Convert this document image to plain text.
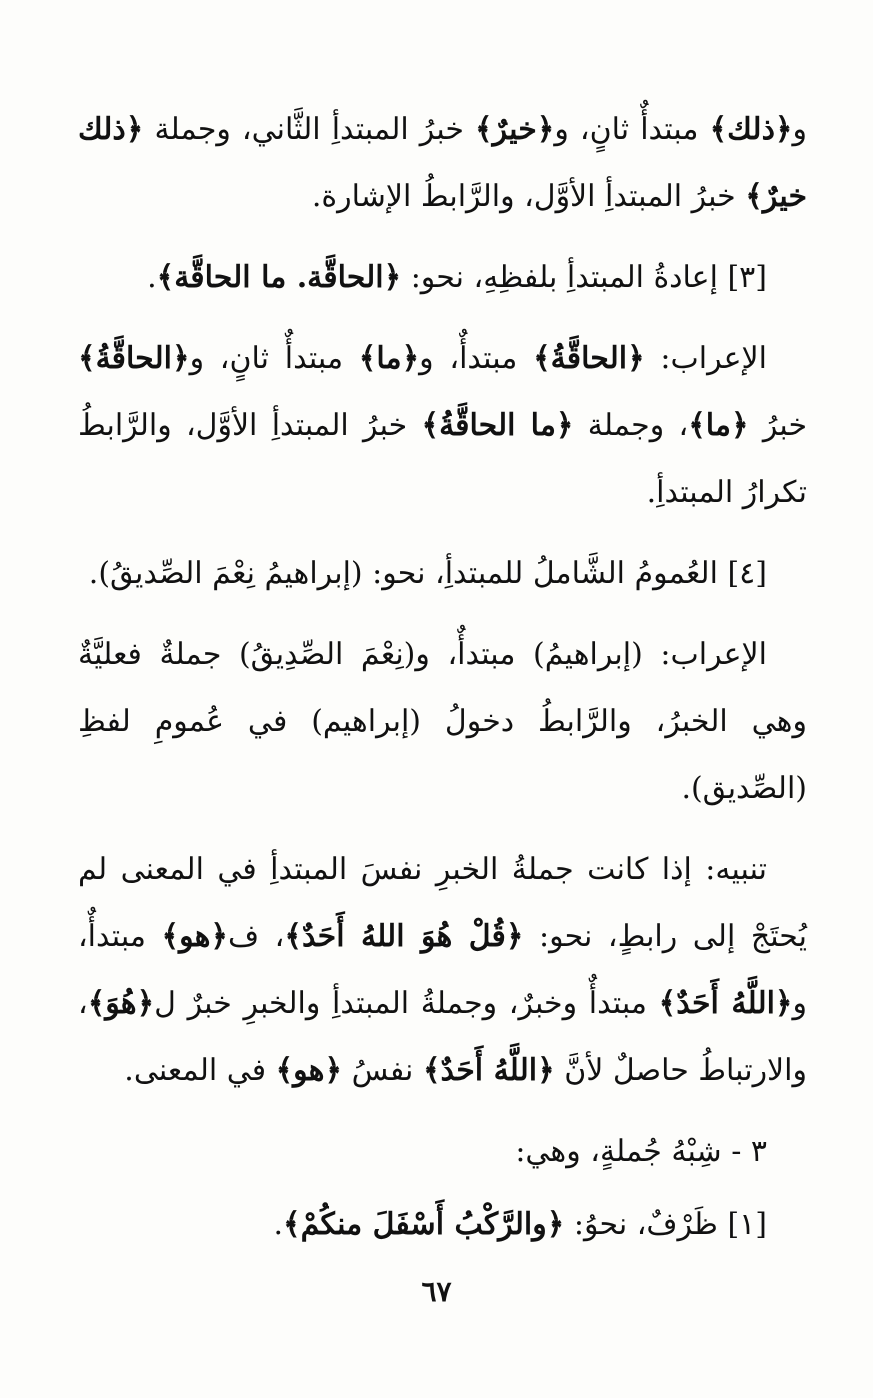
و﴿ذلك﴾ مبتدأٌ ثانٍ، و﴿خيرٌ﴾ خبرُ المبتدأِ الثَّاني، وجملة ﴿ذلك خيرٌ﴾ خبرُ المبتدأِ الأوَّل، والرَّابطُ الإشارة.

[٣] إعادةُ المبتدأِ بلفظِهِ، نحو: ﴿الحاقَّة. ما الحاقَّة﴾.

الإعراب: ﴿الحاقَّةُ﴾ مبتدأٌ، و﴿ما﴾ مبتدأٌ ثانٍ، و﴿الحاقَّةُ﴾ خبرُ ﴿ما﴾، وجملة ﴿ما الحاقَّةُ﴾ خبرُ المبتدأِ الأوَّل، والرَّابطُ تكرارُ المبتدأِ.

[٤] العُمومُ الشَّاملُ للمبتدأِ، نحو: (إبراهيمُ نِعْمَ الصِّديقُ).

الإعراب: (إبراهيمُ) مبتدأٌ، و(نِعْمَ الصِّدِيقُ) جملةٌ فعليَّةٌ وهي الخبرُ، والرَّابطُ دخولُ (إبراهيم) في عُمومِ لفظِ (الصِّديق).

تنبيه: إذا كانت جملةُ الخبرِ نفسَ المبتدأِ في المعنى لم يُحتَجْ إلى رابطٍ، نحو: ﴿قُلْ هُوَ اللهُ أَحَدٌ﴾، ف﴿هو﴾ مبتدأٌ، و﴿اللَّهُ أَحَدٌ﴾ مبتدأٌ وخبرٌ، وجملةُ المبتدأِ والخبرِ خبرٌ ل﴿هُوَ﴾، والارتباطُ حاصلٌ لأنَّ ﴿اللَّهُ أَحَدٌ﴾ نفسُ ﴿هو﴾ في المعنى.

٣ - شِبْهُ جُملةٍ، وهي:

[١] ظَرْفٌ، نحوُ: ﴿والرَّكْبُ أَسْفَلَ منكُمْ﴾.

٦٧
